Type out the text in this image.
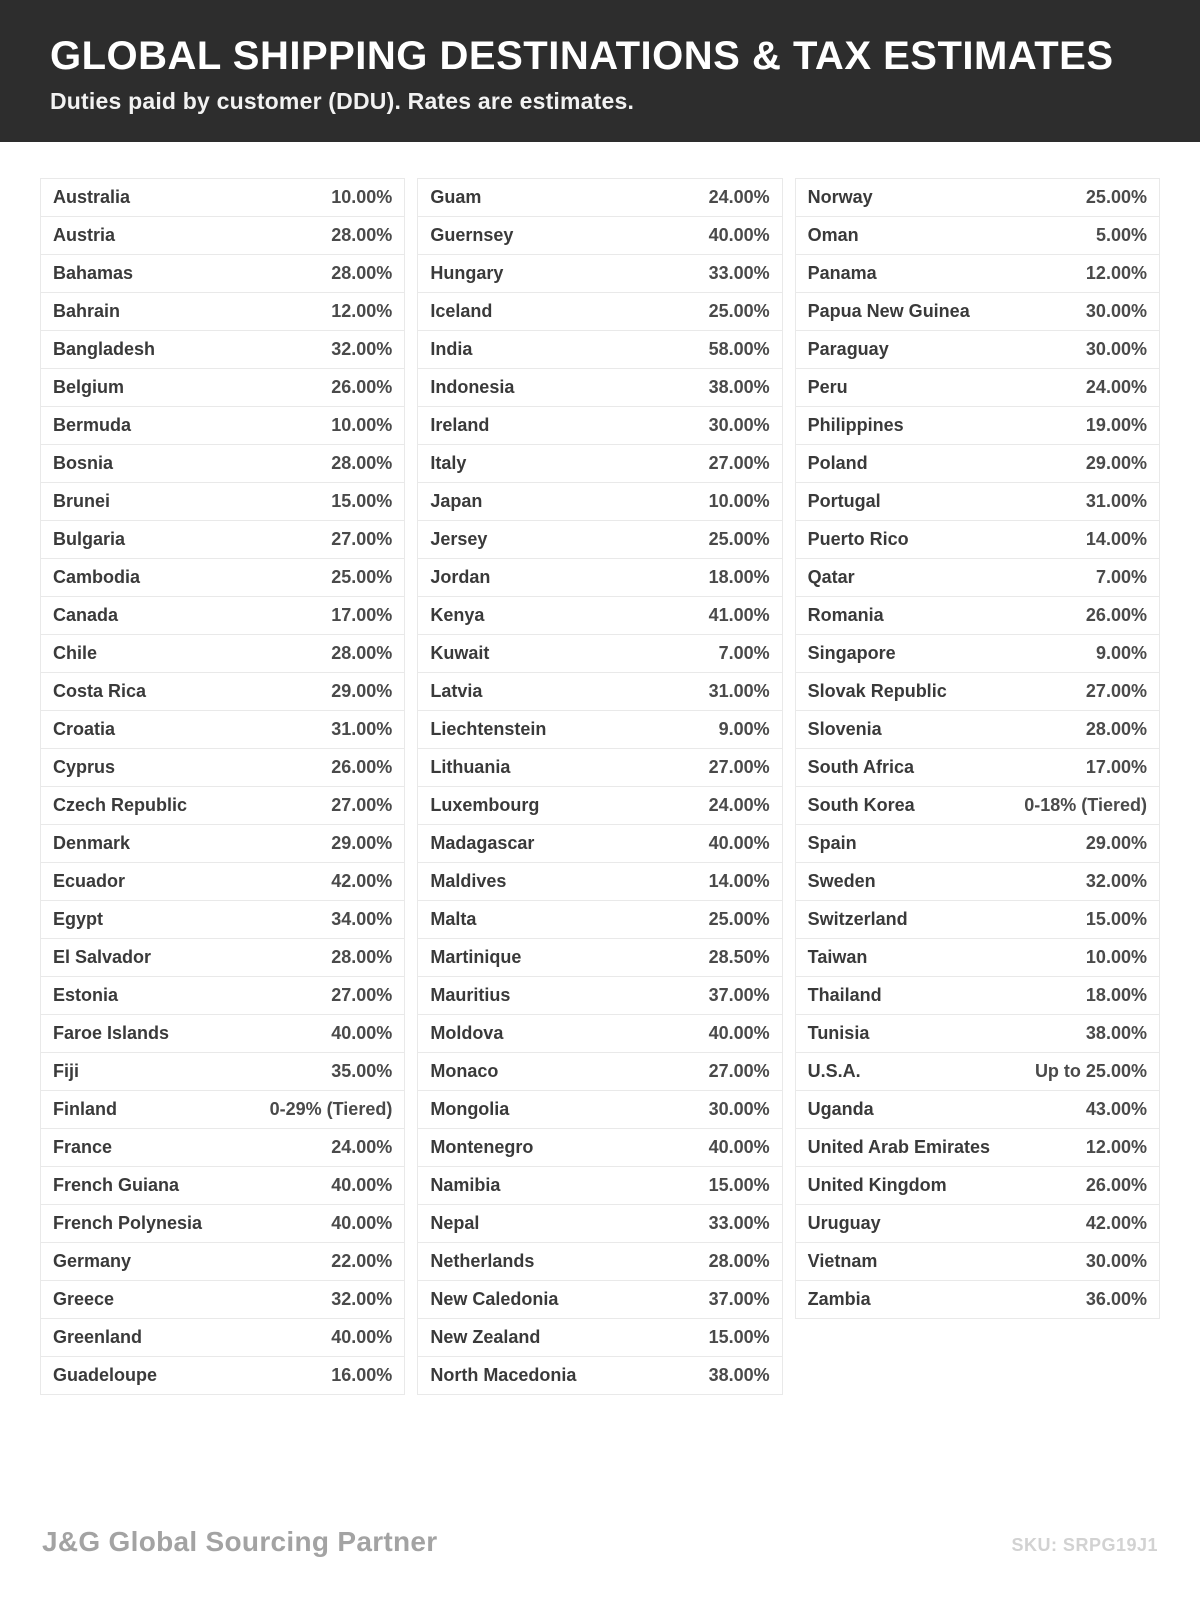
GLOBAL SHIPPING DESTINATIONS & TAX ESTIMATES

Duties paid by customer (DDU). Rates are estimates.

Australia	10.00%
Austria	28.00%
Bahamas	28.00%
Bahrain	12.00%
Bangladesh	32.00%
Belgium	26.00%
Bermuda	10.00%
Bosnia	28.00%
Brunei	15.00%
Bulgaria	27.00%
Cambodia	25.00%
Canada	17.00%
Chile	28.00%
Costa Rica	29.00%
Croatia	31.00%
Cyprus	26.00%
Czech Republic	27.00%
Denmark	29.00%
Ecuador	42.00%
Egypt	34.00%
El Salvador	28.00%
Estonia	27.00%
Faroe Islands	40.00%
Fiji	35.00%
Finland	0-29% (Tiered)
France	24.00%
French Guiana	40.00%
French Polynesia	40.00%
Germany	22.00%
Greece	32.00%
Greenland	40.00%
Guadeloupe	16.00%
Guam	24.00%
Guernsey	40.00%
Hungary	33.00%
Iceland	25.00%
India	58.00%
Indonesia	38.00%
Ireland	30.00%
Italy	27.00%
Japan	10.00%
Jersey	25.00%
Jordan	18.00%
Kenya	41.00%
Kuwait	7.00%
Latvia	31.00%
Liechtenstein	9.00%
Lithuania	27.00%
Luxembourg	24.00%
Madagascar	40.00%
Maldives	14.00%
Malta	25.00%
Martinique	28.50%
Mauritius	37.00%
Moldova	40.00%
Monaco	27.00%
Mongolia	30.00%
Montenegro	40.00%
Namibia	15.00%
Nepal	33.00%
Netherlands	28.00%
New Caledonia	37.00%
New Zealand	15.00%
North Macedonia	38.00%
Norway	25.00%
Oman	5.00%
Panama	12.00%
Papua New Guinea	30.00%
Paraguay	30.00%
Peru	24.00%
Philippines	19.00%
Poland	29.00%
Portugal	31.00%
Puerto Rico	14.00%
Qatar	7.00%
Romania	26.00%
Singapore	9.00%
Slovak Republic	27.00%
Slovenia	28.00%
South Africa	17.00%
South Korea	0-18% (Tiered)
Spain	29.00%
Sweden	32.00%
Switzerland	15.00%
Taiwan	10.00%
Thailand	18.00%
Tunisia	38.00%
U.S.A.	Up to 25.00%
Uganda	43.00%
United Arab Emirates	12.00%
United Kingdom	26.00%
Uruguay	42.00%
Vietnam	30.00%
Zambia	36.00%
J&G Global Sourcing Partner	SKU: SRPG19J1
